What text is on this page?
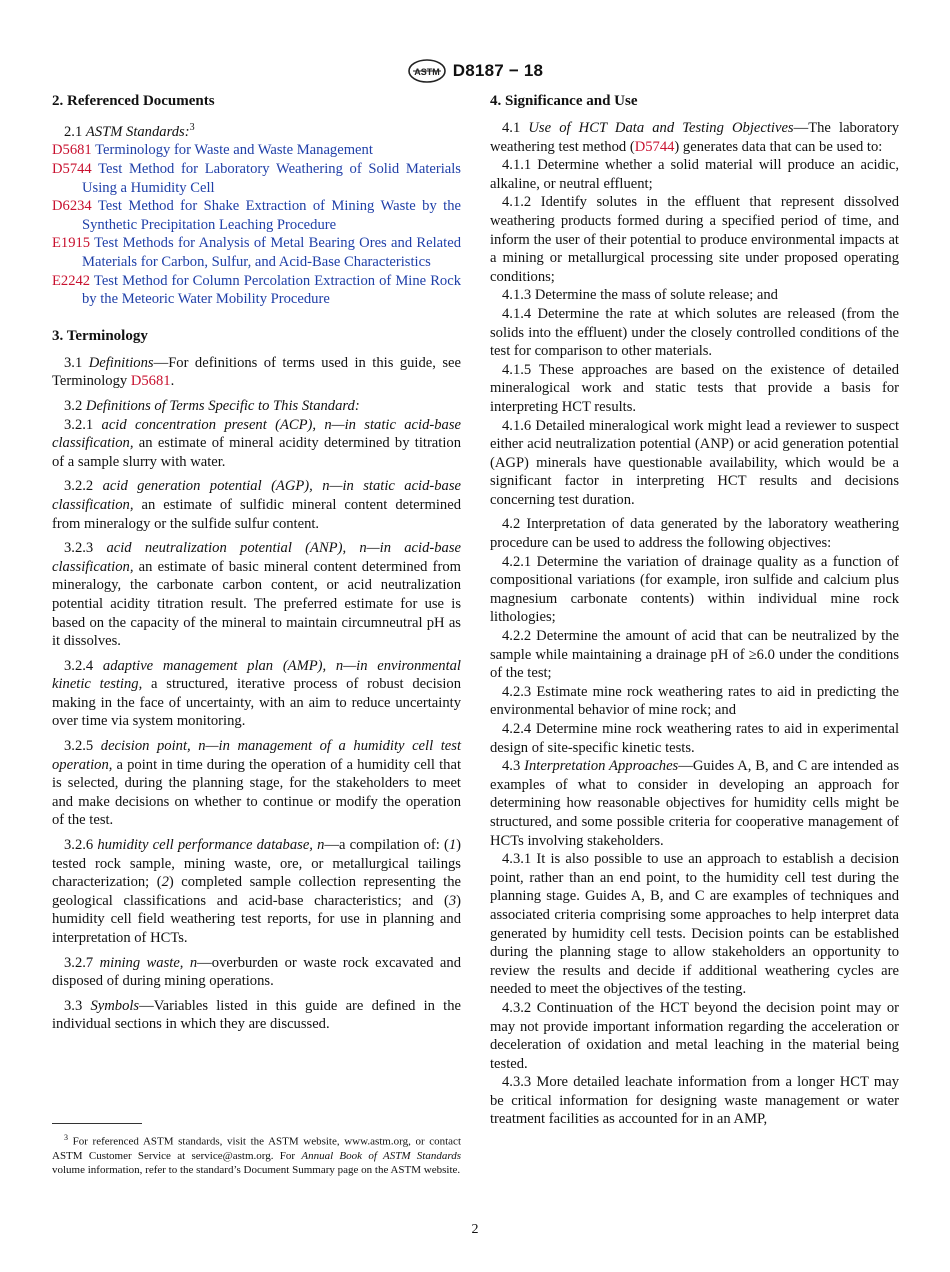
ASTM D8187 − 18
2. Referenced Documents

2.1 ASTM Standards:$^3$

D5681 Terminology for Waste and Waste Management

D5744 Test Method for Laboratory Weathering of Solid Materials Using a Humidity Cell

D6234 Test Method for Shake Extraction of Mining Waste by the Synthetic Precipitation Leaching Procedure

E1915 Test Methods for Analysis of Metal Bearing Ores and Related Materials for Carbon, Sulfur, and Acid-Base Characteristics

E2242 Test Method for Column Percolation Extraction of Mine Rock by the Meteoric Water Mobility Procedure

3. Terminology

3.1 Definitions—For definitions of terms used in this guide, see Terminology D5681.

3.2 Definitions of Terms Specific to This Standard:

3.2.1 acid concentration present (ACP), n—in static acid-base classification, an estimate of mineral acidity determined by titration of a sample slurry with water.

3.2.2 acid generation potential (AGP), n—in static acid-base classification, an estimate of sulfidic mineral content determined from mineralogy or the sulfide sulfur content.

3.2.3 acid neutralization potential (ANP), n—in acid-base classification, an estimate of basic mineral content determined from mineralogy, the carbonate carbon content, or acid neutralization potential acidity titration result. The preferred estimate for use is based on the capacity of the mineral to maintain circumneutral pH as it dissolves.

3.2.4 adaptive management plan (AMP), n—in environmental kinetic testing, a structured, iterative process of robust decision making in the face of uncertainty, with an aim to reduce uncertainty over time via system monitoring.

3.2.5 decision point, n—in management of a humidity cell test operation, a point in time during the operation of a humidity cell that is selected, during the planning stage, for the stakeholders to meet and make decisions on whether to continue or modify the operation of the test.

3.2.6 humidity cell performance database, n—a compilation of: (1) tested rock sample, mining waste, ore, or metallurgical tailings characterization; (2) completed sample collection representing the geological classifications and acid-base characteristics; and (3) humidity cell field weathering test reports, for use in planning and interpretation of HCTs.

3.2.7 mining waste, n—overburden or waste rock excavated and disposed of during mining operations.

3.3 Symbols—Variables listed in this guide are defined in the individual sections in which they are discussed.

$^3$ For referenced ASTM standards, visit the ASTM website, www.astm.org, or contact ASTM Customer Service at service@astm.org. For Annual Book of ASTM Standards volume information, refer to the standard’s Document Summary page on the ASTM website.

4. Significance and Use

4.1 Use of HCT Data and Testing Objectives—The laboratory weathering test method (D5744) generates data that can be used to:

4.1.1 Determine whether a solid material will produce an acidic, alkaline, or neutral effluent;

4.1.2 Identify solutes in the effluent that represent dissolved weathering products formed during a specified period of time, and inform the user of their potential to produce environmental impacts at a mining or metallurgical processing site under proposed operating conditions;

4.1.3 Determine the mass of solute release; and

4.1.4 Determine the rate at which solutes are released (from the solids into the effluent) under the closely controlled conditions of the test for comparison to other materials.

4.1.5 These approaches are based on the existence of detailed mineralogical work and static tests that provide a basis for interpreting HCT results.

4.1.6 Detailed mineralogical work might lead a reviewer to suspect either acid neutralization potential (ANP) or acid generation potential (AGP) minerals have questionable availability, which would be a significant factor in interpreting HCT results and decisions concerning test duration.

4.2 Interpretation of data generated by the laboratory weathering procedure can be used to address the following objectives:

4.2.1 Determine the variation of drainage quality as a function of compositional variations (for example, iron sulfide and calcium plus magnesium carbonate contents) within individual mine rock lithologies;

4.2.2 Determine the amount of acid that can be neutralized by the sample while maintaining a drainage pH of ≥6.0 under the conditions of the test;

4.2.3 Estimate mine rock weathering rates to aid in predicting the environmental behavior of mine rock; and

4.2.4 Determine mine rock weathering rates to aid in experimental design of site-specific kinetic tests.

4.3 Interpretation Approaches—Guides A, B, and C are intended as examples of what to consider in developing an approach for determining how reasonable objectives for humidity cells might be structured, and some possible criteria for cooperative management of HCTs involving stakeholders.

4.3.1 It is also possible to use an approach to establish a decision point, rather than an end point, to the humidity cell test during the planning stage. Guides A, B, and C are examples of techniques and associated criteria comprising some approaches to help interpret data generated by humidity cell tests. Decision points can be established during the planning stage to allow stakeholders an opportunity to review the results and decide if additional weathering cycles are needed to meet the objectives of the testing.

4.3.2 Continuation of the HCT beyond the decision point may or may not provide important information regarding the acceleration or deceleration of oxidation and metal leaching in the material being tested.

4.3.3 More detailed leachate information from a longer HCT may be critical information for designing waste management or water treatment facilities as accounted for in an AMP,

2
